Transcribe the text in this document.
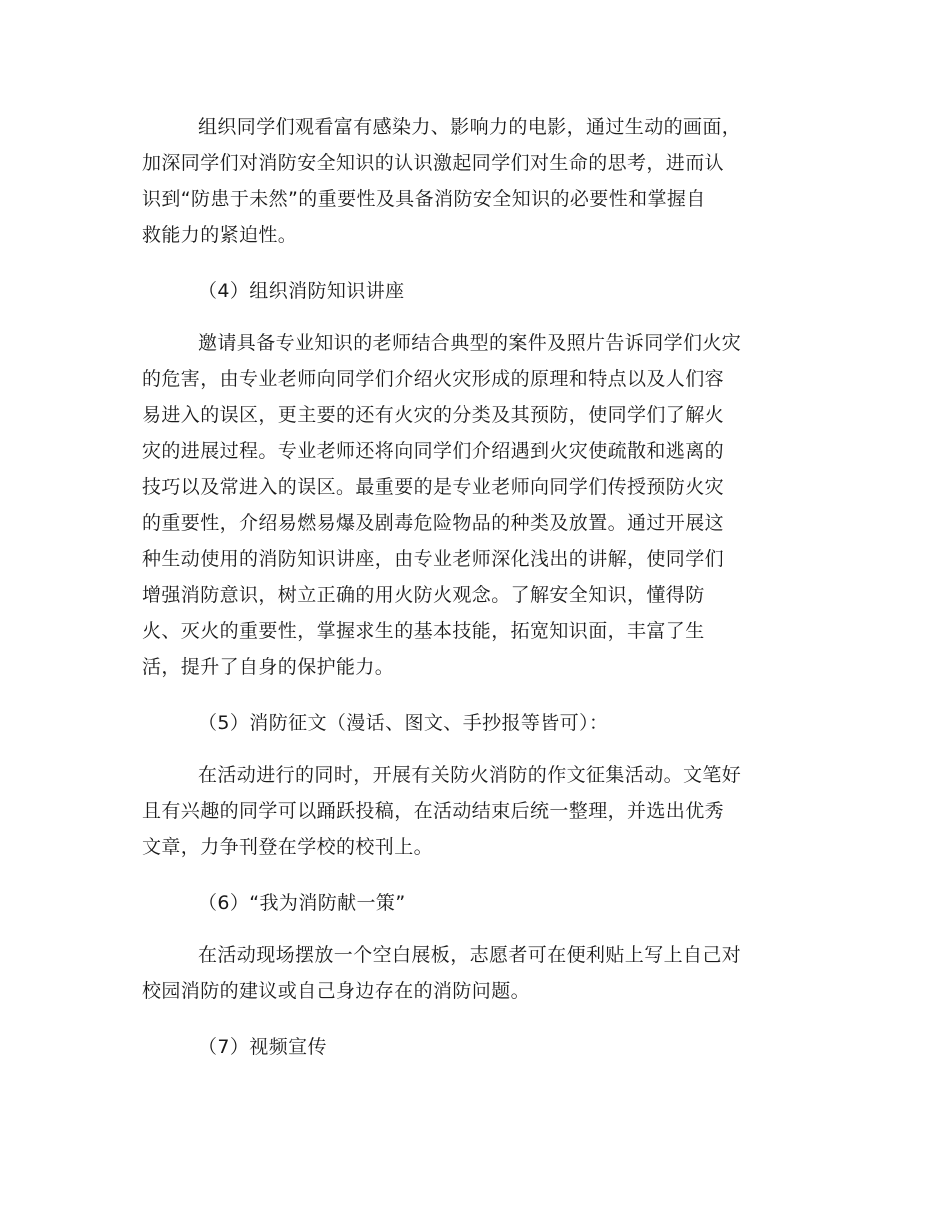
组织同学们观看富有感染力、影响力的电影，通过生动的画面，
加深同学们对消防安全知识的认识激起同学们对生命的思考，进而认
识到“防患于未然”的重要性及具备消防安全知识的必要性和掌握自
救能力的紧迫性。
（4）组织消防知识讲座
邀请具备专业知识的老师结合典型的案件及照片告诉同学们火灾
的危害，由专业老师向同学们介绍火灾形成的原理和特点以及人们容
易进入的误区，更主要的还有火灾的分类及其预防，使同学们了解火
灾的进展过程。专业老师还将向同学们介绍遇到火灾使疏散和逃离的
技巧以及常进入的误区。最重要的是专业老师向同学们传授预防火灾
的重要性，介绍易燃易爆及剧毒危险物品的种类及放置。通过开展这
种生动使用的消防知识讲座，由专业老师深化浅出的讲解，使同学们
增强消防意识，树立正确的用火防火观念。了解安全知识，懂得防
火、灭火的重要性，掌握求生的基本技能，拓宽知识面，丰富了生
活，提升了自身的保护能力。
（5）消防征文（漫话、图文、手抄报等皆可）：
在活动进行的同时，开展有关防火消防的作文征集活动。文笔好
且有兴趣的同学可以踊跃投稿，在活动结束后统一整理，并选出优秀
文章，力争刊登在学校的校刊上。
（6）“我为消防献一策”
在活动现场摆放一个空白展板，志愿者可在便利贴上写上自己对
校园消防的建议或自己身边存在的消防问题。
（7）视频宣传
